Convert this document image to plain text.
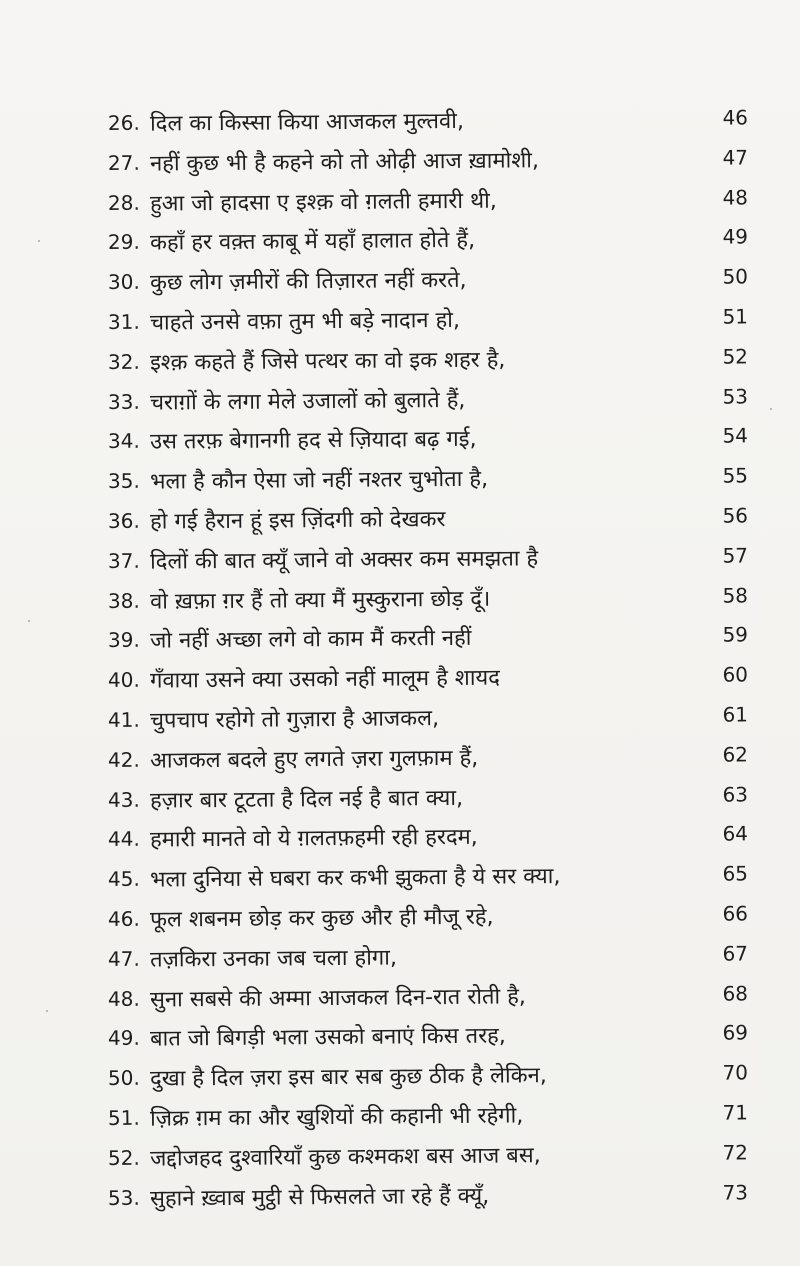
26. दिल का किस्सा किया आजकल मुल्तवी,	46
27. नहीं कुछ भी है कहने को तो ओढ़ी आज ख़ामोशी,	47
28. हुआ जो हादसा ए इश्क़ वो ग़लती हमारी थी,	48
29. कहाँ हर वक़्त काबू में यहाँ हालात होते हैं,	49
30. कुछ लोग ज़मीरों की तिज़ारत नहीं करते,	50
31. चाहते उनसे वफ़ा तुम भी बड़े नादान हो,	51
32. इश्क़ कहते हैं जिसे पत्थर का वो इक शहर है,	52
33. चराग़ों के लगा मेले उजालों को बुलाते हैं,	53
34. उस तरफ़ बेगानगी हद से ज़ियादा बढ़ गई,	54
35. भला है कौन ऐसा जो नहीं नश्तर चुभोता है,	55
36. हो गई हैरान हूं इस ज़िंदगी को देखकर	56
37. दिलों की बात क्यूँ जाने वो अक्सर कम समझता है	57
38. वो ख़फ़ा ग़र हैं तो क्या मैं मुस्कुराना छोड़ दूँ।	58
39. जो नहीं अच्छा लगे वो काम मैं करती नहीं	59
40. गँवाया उसने क्या उसको नहीं मालूम है शायद	60
41. चुपचाप रहोगे तो गुज़ारा है आजकल,	61
42. आजकल बदले हुए लगते ज़रा गुलफ़ाम हैं,	62
43. हज़ार बार टूटता है दिल नई है बात क्या,	63
44. हमारी मानते वो ये ग़लतफ़हमी रही हरदम,	64
45. भला दुनिया से घबरा कर कभी झुकता है ये सर क्या,	65
46. फूल शबनम छोड़ कर कुछ और ही मौजू रहे,	66
47. तज़किरा उनका जब चला होगा,	67
48. सुना सबसे की अम्मा आजकल दिन-रात रोती है,	68
49. बात जो बिगड़ी भला उसको बनाएं किस तरह,	69
50. दुखा है दिल ज़रा इस बार सब कुछ ठीक है लेकिन,	70
51. ज़िक्र ग़म का और खुशियों की कहानी भी रहेगी,	71
52. जद्दोजहद दुश्वारियाँ कुछ कश्मकश बस आज बस,	72
53. सुहाने ख़्वाब मुट्ठी से फिसलते जा रहे हैं क्यूँ,	73
